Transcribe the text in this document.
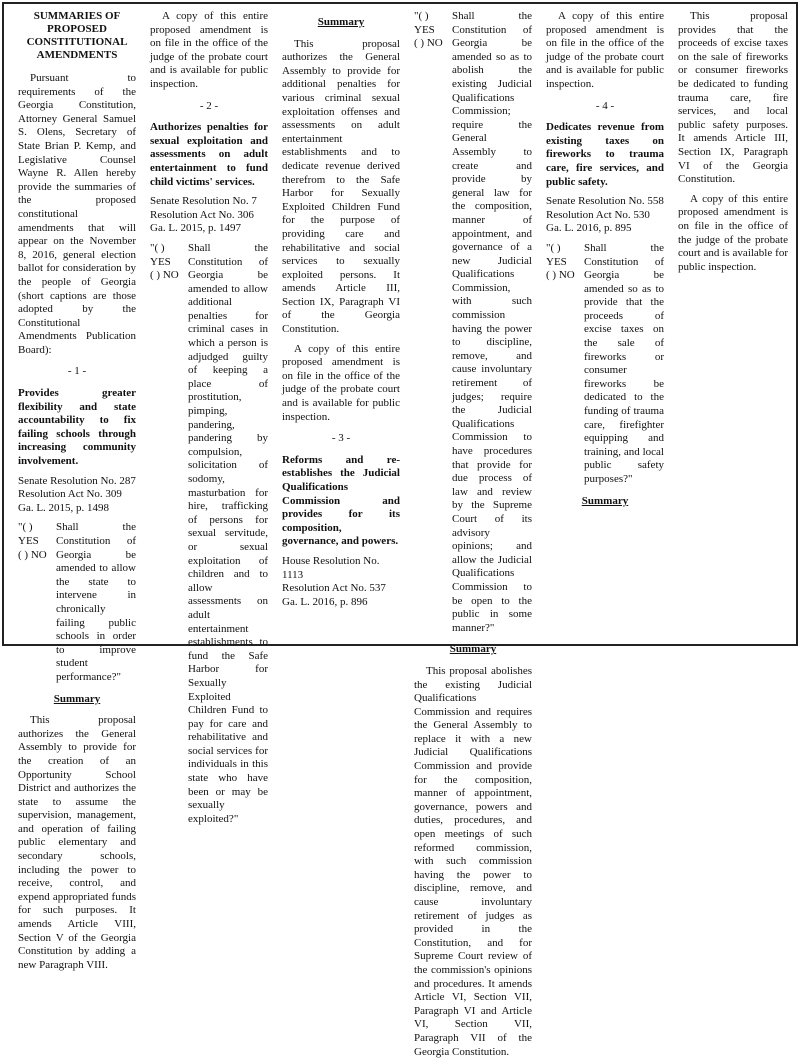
SUMMARIES OF PROPOSED CONSTITUTIONAL AMENDMENTS

Pursuant to requirements of the Georgia Constitution, Attorney General Samuel S. Olens, Secretary of State Brian P. Kemp, and Legislative Counsel Wayne R. Allen hereby provide the summaries of the proposed constitutional amendments that will appear on the November 8, 2016, general election ballot for consideration by the people of Georgia (short captions are those adopted by the Constitutional Amendments Publication Board):

- 1 -

Provides greater flexibility and state accountability to fix failing schools through increasing community involvement.

Senate Resolution No. 287
Resolution Act No. 309
Ga. L. 2015, p. 1498

"( ) YES
( ) NO
Shall the Constitution of Georgia be amended to allow the state to intervene in chronically failing public schools in order to improve student performance?"
Summary

This proposal authorizes the General Assembly to provide for the creation of an Opportunity School District and authorizes the state to assume the supervision, management, and operation of failing public elementary and secondary schools, including the power to receive, control, and expend appropriated funds for such purposes. It amends Article VIII, Section V of the Georgia Constitution by adding a new Paragraph VIII.

A copy of this entire proposed amendment is on file in the office of the judge of the probate court and is available for public inspection.

- 2 -

Authorizes penalties for sexual exploitation and assessments on adult entertainment to fund child victims' services.

Senate Resolution No. 7
Resolution Act No. 306
Ga. L. 2015, p. 1497

"( ) YES
( ) NO
Shall the Constitution of Georgia be amended to allow additional penalties for criminal cases in which a person is adjudged guilty of keeping a place of prostitution, pimping, pandering, pandering by compulsion, solicitation of sodomy, masturbation for hire, trafficking of persons for sexual servitude, or sexual exploitation of children and to allow assessments on adult entertainment establishments to fund the Safe Harbor for Sexually Exploited Children Fund to pay for care and rehabilitative and social services for individuals in this state who have been or may be sexually exploited?"
Summary

This proposal authorizes the General Assembly to provide for additional penalties for various criminal sexual exploitation offenses and assessments on adult entertainment establishments and to dedicate revenue derived therefrom to the Safe Harbor for Sexually Exploited Children Fund for the purpose of providing care and rehabilitative and social services to sexually exploited persons. It amends Article III, Section IX, Paragraph VI of the Georgia Constitution.

A copy of this entire proposed amendment is on file in the office of the judge of the probate court and is available for public inspection.

- 3 -

Reforms and re-establishes the Judicial Qualifications Commission and provides for its composition, governance, and powers.

House Resolution No. 1113
Resolution Act No. 537
Ga. L. 2016, p. 896

"( ) YES
( ) NO
Shall the Constitution of Georgia be amended so as to abolish the existing Judicial Qualifications Commission; require the General Assembly to create and provide by general law for the composition, manner of appointment, and governance of a new Judicial Qualifications Commission, with such commission having the power to discipline, remove, and cause involuntary retirement of judges; require the Judicial Qualifications Commission to have procedures that provide for due process of law and review by the Supreme Court of its advisory opinions; and allow the Judicial Qualifications Commission to be open to the public in some manner?"
Summary

This proposal abolishes the existing Judicial Qualifications Commission and requires the General Assembly to replace it with a new Judicial Qualifications Commission and provide for the composition, manner of appointment, governance, powers and duties, procedures, and open meetings of such reformed commission, with such commission having the power to discipline, remove, and cause involuntary retirement of judges as provided in the Constitution, and for Supreme Court review of the commission's opinions and procedures. It amends Article VI, Section VII, Paragraph VI and Article VI, Section VII, Paragraph VII of the Georgia Constitution.

A copy of this entire proposed amendment is on file in the office of the judge of the probate court and is available for public inspection.

- 4 -

Dedicates revenue from existing taxes on fireworks to trauma care, fire services, and public safety.

Senate Resolution No. 558
Resolution Act No. 530
Ga. L. 2016, p. 895

"( ) YES
( ) NO
Shall the Constitution of Georgia be amended so as to provide that the proceeds of excise taxes on the sale of fireworks or consumer fireworks be dedicated to the funding of trauma care, firefighter equipping and training, and local public safety purposes?"
Summary

This proposal provides that the proceeds of excise taxes on the sale of fireworks or consumer fireworks be dedicated to funding trauma care, fire services, and local public safety purposes. It amends Article III, Section IX, Paragraph VI of the Georgia Constitution.

A copy of this entire proposed amendment is on file in the office of the judge of the probate court and is available for public inspection.
